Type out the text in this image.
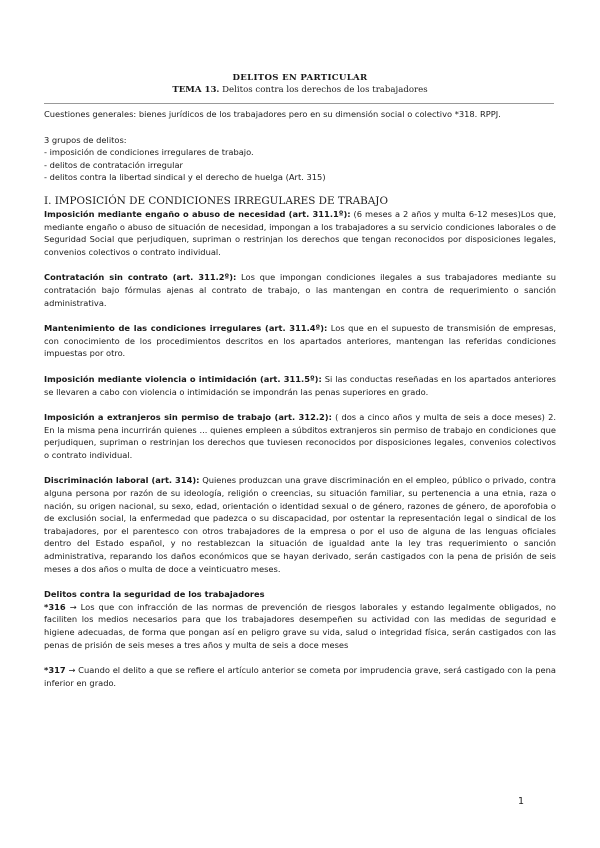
DELITOS EN PARTICULAR
TEMA 13. Delitos contra los derechos de los trabajadores

Cuestiones generales: bienes jurídicos de los trabajadores pero en su dimensión social o colectivo *318. RPPJ.

3 grupos de delitos:

- imposición de condiciones irregulares de trabajo.
- delitos de contratación irregular
- delitos contra la libertad sindical y el derecho de huelga (Art. 315)
I. IMPOSICIÓN DE CONDICIONES IRREGULARES DE TRABAJO

Imposición mediante engaño o abuso de necesidad (art. 311.1º): (6 meses a 2 años y multa 6-12 meses)Los que, mediante engaño o abuso de situación de necesidad, impongan a los trabajadores a su servicio condiciones laborales o de Seguridad Social que perjudiquen, supriman o restrinjan los derechos que tengan reconocidos por disposiciones legales, convenios colectivos o contrato individual.

Contratación sin contrato (art. 311.2º): Los que impongan condiciones ilegales a sus trabajadores mediante su contratación bajo fórmulas ajenas al contrato de trabajo, o las mantengan en contra de requerimiento o sanción administrativa.

Mantenimiento de las condiciones irregulares (art. 311.4º): Los que en el supuesto de transmisión de empresas, con conocimiento de los procedimientos descritos en los apartados anteriores, mantengan las referidas condiciones impuestas por otro.

Imposición mediante violencia o intimidación (art. 311.5º): Si las conductas reseñadas en los apartados anteriores se llevaren a cabo con violencia o intimidación se impondrán las penas superiores en grado.

Imposición a extranjeros sin permiso de trabajo (art. 312.2): ( dos a cinco años y multa de seis a doce meses) 2. En la misma pena incurrirán quienes ... quienes empleen a súbditos extranjeros sin permiso de trabajo en condiciones que perjudiquen, supriman o restrinjan los derechos que tuviesen reconocidos por disposiciones legales, convenios colectivos o contrato individual.

Discriminación laboral (art. 314): Quienes produzcan una grave discriminación en el empleo, público o privado, contra alguna persona por razón de su ideología, religión o creencias, su situación familiar, su pertenencia a una etnia, raza o nación, su origen nacional, su sexo, edad, orientación o identidad sexual o de género, razones de género, de aporofobia o de exclusión social, la enfermedad que padezca o su discapacidad, por ostentar la representación legal o sindical de los trabajadores, por el parentesco con otros trabajadores de la empresa o por el uso de alguna de las lenguas oficiales dentro del Estado español, y no restablezcan la situación de igualdad ante la ley tras requerimiento o sanción administrativa, reparando los daños económicos que se hayan derivado, serán castigados con la pena de prisión de seis meses a dos años o multa de doce a veinticuatro meses.

Delitos contra la seguridad de los trabajadores

*316 → Los que con infracción de las normas de prevención de riesgos laborales y estando legalmente obligados, no faciliten los medios necesarios para que los trabajadores desempeñen su actividad con las medidas de seguridad e higiene adecuadas, de forma que pongan así en peligro grave su vida, salud o integridad física, serán castigados con las penas de prisión de seis meses a tres años y multa de seis a doce meses

*317 → Cuando el delito a que se refiere el artículo anterior se cometa por imprudencia grave, será castigado con la pena inferior en grado.

1
